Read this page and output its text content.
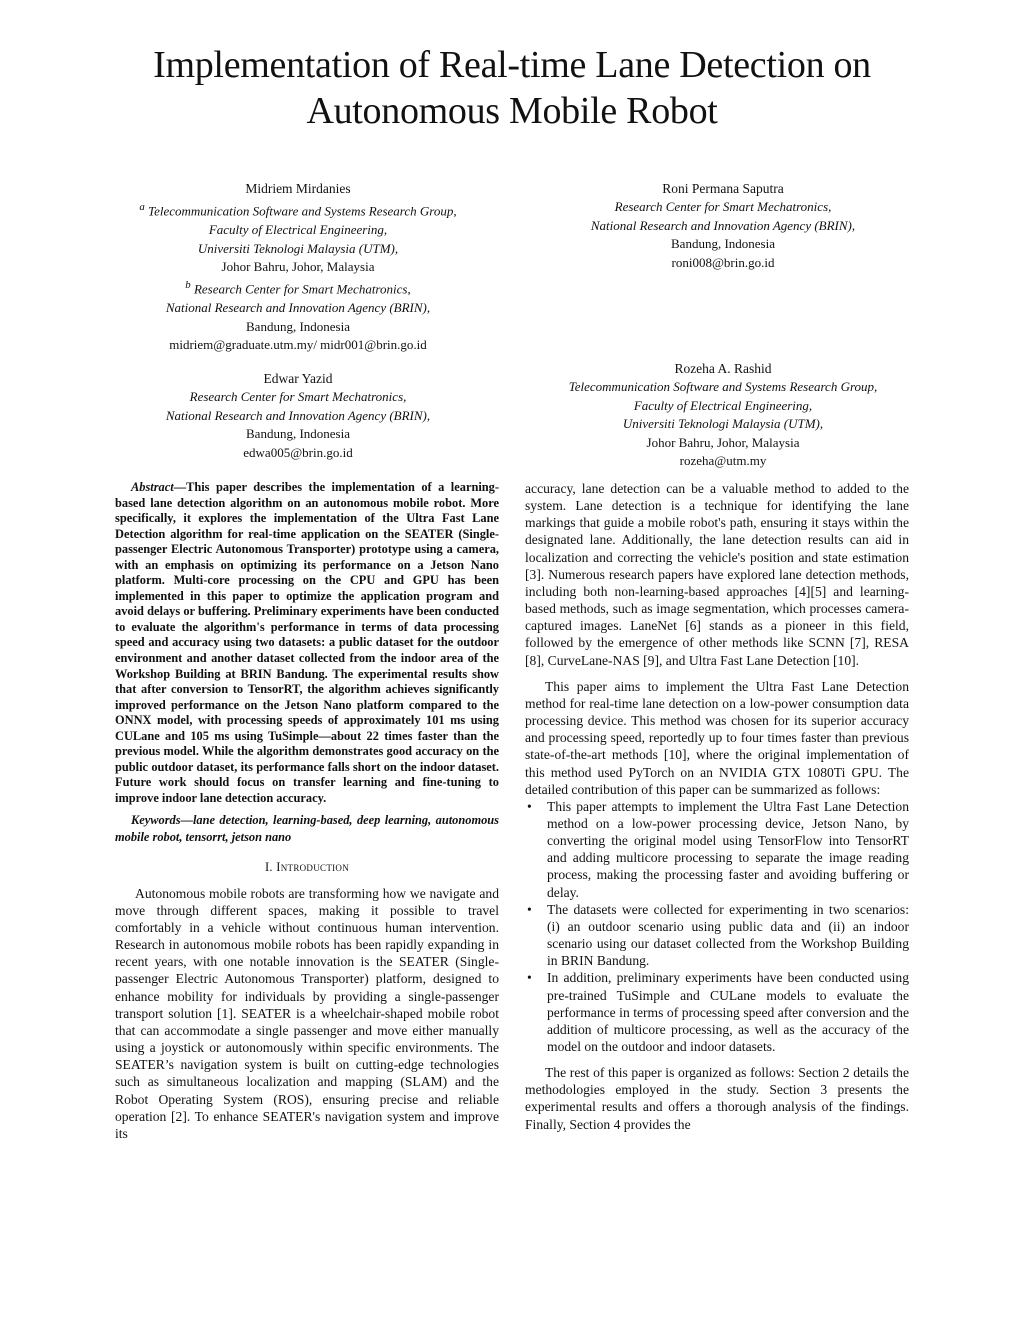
Implementation of Real-time Lane Detection on
Autonomous Mobile Robot
Midriem Mirdanies
$^a$ Telecommunication Software and Systems Research Group,
Faculty of Electrical Engineering,
Universiti Teknologi Malaysia (UTM),
Johor Bahru, Johor, Malaysia
$^b$ Research Center for Smart Mechatronics,
National Research and Innovation Agency (BRIN),
Bandung, Indonesia
midriem@graduate.utm.my/ midr001@brin.go.id
Roni Permana Saputra
Research Center for Smart Mechatronics,
National Research and Innovation Agency (BRIN),
Bandung, Indonesia
roni008@brin.go.id
Edwar Yazid
Research Center for Smart Mechatronics,
National Research and Innovation Agency (BRIN),
Bandung, Indonesia
edwa005@brin.go.id
Rozeha A. Rashid
Telecommunication Software and Systems Research Group,
Faculty of Electrical Engineering,
Universiti Teknologi Malaysia (UTM),
Johor Bahru, Johor, Malaysia
rozeha@utm.my

Abstract—This paper describes the implementation of a learning-based lane detection algorithm on an autonomous mobile robot. More specifically, it explores the implementation of the Ultra Fast Lane Detection algorithm for real-time application on the SEATER (Single-passenger Electric Autonomous Transporter) prototype using a camera, with an emphasis on optimizing its performance on a Jetson Nano platform. Multi-core processing on the CPU and GPU has been implemented in this paper to optimize the application program and avoid delays or buffering. Preliminary experiments have been conducted to evaluate the algorithm's performance in terms of data processing speed and accuracy using two datasets: a public dataset for the outdoor environment and another dataset collected from the indoor area of the Workshop Building at BRIN Bandung. The experimental results show that after conversion to TensorRT, the algorithm achieves significantly improved performance on the Jetson Nano platform compared to the ONNX model, with processing speeds of approximately 101 ms using CULane and 105 ms using TuSimple—about 22 times faster than the previous model. While the algorithm demonstrates good accuracy on the public outdoor dataset, its performance falls short on the indoor dataset. Future work should focus on transfer learning and fine-tuning to improve indoor lane detection accuracy.

Keywords—lane detection, learning-based, deep learning, autonomous mobile robot, tensorrt, jetson nano

I. Introduction

Autonomous mobile robots are transforming how we navigate and move through different spaces, making it possible to travel comfortably in a vehicle without continuous human intervention. Research in autonomous mobile robots has been rapidly expanding in recent years, with one notable innovation is the SEATER (Single-passenger Electric Autonomous Transporter) platform, designed to enhance mobility for individuals by providing a single-passenger transport solution [1]. SEATER is a wheelchair-shaped mobile robot that can accommodate a single passenger and move either manually using a joystick or autonomously within specific environments. The SEATER’s navigation system is built on cutting-edge technologies such as simultaneous localization and mapping (SLAM) and the Robot Operating System (ROS), ensuring precise and reliable operation [2]. To enhance SEATER's navigation system and improve its

accuracy, lane detection can be a valuable method to added to the system. Lane detection is a technique for identifying the lane markings that guide a mobile robot's path, ensuring it stays within the designated lane. Additionally, the lane detection results can aid in localization and correcting the vehicle's position and state estimation [3]. Numerous research papers have explored lane detection methods, including both non-learning-based approaches [4][5] and learning-based methods, such as image segmentation, which processes camera-captured images. LaneNet [6] stands as a pioneer in this field, followed by the emergence of other methods like SCNN [7], RESA [8], CurveLane-NAS [9], and Ultra Fast Lane Detection [10].

This paper aims to implement the Ultra Fast Lane Detection method for real-time lane detection on a low-power consumption data processing device. This method was chosen for its superior accuracy and processing speed, reportedly up to four times faster than previous state-of-the-art methods [10], where the original implementation of this method used PyTorch on an NVIDIA GTX 1080Ti GPU. The detailed contribution of this paper can be summarized as follows:

• This paper attempts to implement the Ultra Fast Lane Detection method on a low-power processing device, Jetson Nano, by converting the original model using TensorFlow into TensorRT and adding multicore processing to separate the image reading process, making the processing faster and avoiding buffering or delay.
• The datasets were collected for experimenting in two scenarios: (i) an outdoor scenario using public data and (ii) an indoor scenario using our dataset collected from the Workshop Building in BRIN Bandung.
• In addition, preliminary experiments have been conducted using pre-trained TuSimple and CULane models to evaluate the performance in terms of processing speed after conversion and the addition of multicore processing, as well as the accuracy of the model on the outdoor and indoor datasets.

The rest of this paper is organized as follows: Section 2 details the methodologies employed in the study. Section 3 presents the experimental results and offers a thorough analysis of the findings. Finally, Section 4 provides the
